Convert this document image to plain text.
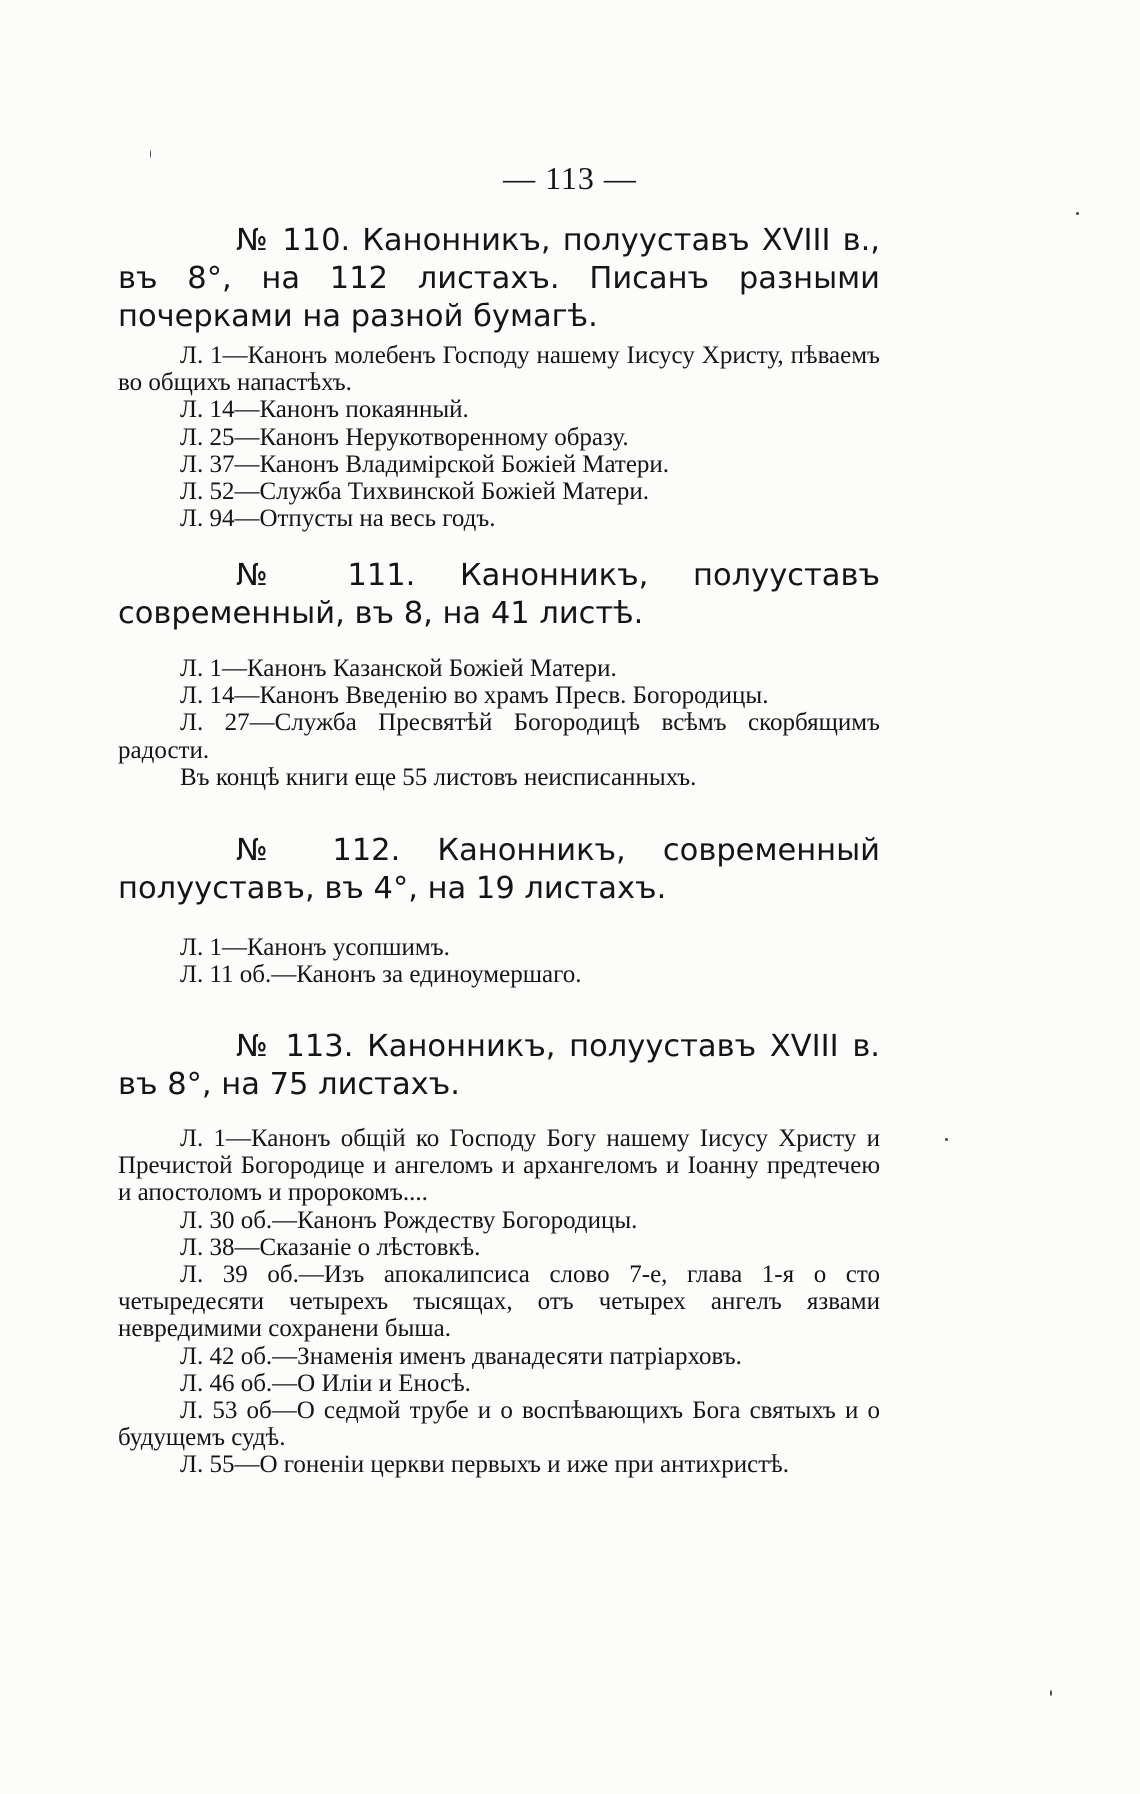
— 113 —

№ 110. Канонникъ, полууставъ XVIII в., въ 8°, на 112 листахъ. Писанъ разными почерками на разной бумагѣ.

Л. 1—Канонъ молебенъ Господу нашему Іисусу Христу, пѣваемъ во общихъ напастѣхъ.
Л. 14—Канонъ покаянный.
Л. 25—Канонъ Нерукотворенному образу.
Л. 37—Канонъ Владимірской Божіей Матери.
Л. 52—Служба Тихвинской Божіей Матери.
Л. 94—Отпусты на весь годъ.

№ 111. Канонникъ, полууставъ современный, въ 8, на 41 листѣ.

Л. 1—Канонъ Казанской Божіей Матери.
Л. 14—Канонъ Введенію во храмъ Пресв. Богородицы.
Л. 27—Служба Пресвятѣй Богородицѣ всѣмъ скорбящимъ радости.
Въ концѣ книги еще 55 листовъ неисписанныхъ.

№ 112. Канонникъ, современный полууставъ, въ 4°, на 19 листахъ.

Л. 1—Канонъ усопшимъ.
Л. 11 об.—Канонъ за единоумершаго.

№ 113. Канонникъ, полууставъ XVIII в. въ 8°, на 75 листахъ.

Л. 1—Канонъ общій ко Господу Богу нашему Іисусу Христу и Пречистой Богородице и ангеломъ и архангеломъ и Іоанну предтечею и апостоломъ и пророкомъ....
Л. 30 об.—Канонъ Рождеству Богородицы.
Л. 38—Сказаніе о лѣстовкѣ.
Л. 39 об.—Изъ апокалипсиса слово 7-е, глава 1-я о сто четыредесяти четырехъ тысящах, отъ четырех ангелъ язвами невредимими сохранени быша.
Л. 42 об.—Знаменія именъ дванадесяти патріарховъ.
Л. 46 об.—О Иліи и Еносѣ.
Л. 53 об—О седмой трубе и о воспѣвающихъ Бога святыхъ и о будущемъ судѣ.
Л. 55—О гоненіи церкви первыхъ и иже при антихристѣ.
